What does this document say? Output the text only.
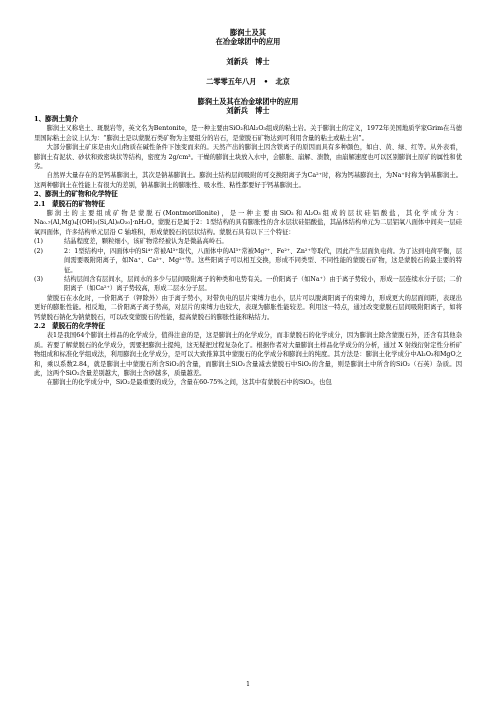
膨润土及其

在冶金球团中的应用

刘新兵　博士

二零零五年八月　•　北京

膨润土及其在冶金球团中的应用

刘新兵　博士

1、膨润土简介

膨润土又称皂土、斑脱岩等，英文名为Bentonite，是一种主要由SiO₂和Al₂O₃组成的粘土岩。关于膨润土的定义，1972年美国地质学家Grim在马德里国际粘土会议上认为：“膨润土是以蒙脱石类矿物为主要组分的岩石，是蒙脱石矿物达到可利用含量的粘土或粘土岩”。

大部分膨润土矿床是由火山物质在碱性条件下蚀变而来的。天然产出的膨润土因含铁离子的原因而具有多种颜色，如白、黄、绿、红等。从外表看，膨润土有泥状、砂状和致密块状等结构，密度为 2g/cm³。干燥的膨润土块放入水中，会膨胀、崩解、溃散，由崩解速度也可以区别膨润土原矿的属性和优劣。

自然界大量存在的是钙基膨润土，其次是钠基膨润土。膨润土结构层间吸附的可交换阳离子为Ca²⁺时，称为钙基膨润土，为Na⁺时称为钠基膨润土。这两种膨润土在性能上有很大的差别，钠基膨润土的膨胀性、吸水性、粘性都要好于钙基膨润土。

2、膨润土的矿物和化学特征

2.1　蒙脱石的矿物特征

膨润土的主要组成矿物是蒙脱石(Montmorillonite)，是一种主要由SiO₂和Al₂O₃组成的层状硅铝酸盐，其化学成分为：Na₀.₇(Al,Mg)₄[(OH)₂(Si,Al)₈O₂₀]·nH₂O。蒙脱石是属于2：1型结构的具有膨胀性的含水层状硅铝酸盐，其晶体结构单元为二层铝氧八面体中间夹一层硅氧四面体，许多结构单元层沿 C 轴堆积，形成蒙脱石的层状结构。蒙脱石具有以下三个特征：

(1)	结晶程度差，颗粒细小，该矿物常经被认为是微晶高岭石。
(2)	2：1型结构中，四面体中的Si⁴⁺常被Al³⁺取代，八面体中的Al³⁺常被Mg²⁺、Fe²⁺、Zn²⁺等取代，因此产生层面负电荷。为了达到电荷平衡，层间需要吸附阳离子，如Na⁺、Ca²⁺、Mg²⁺等。这些阳离子可以相互交换，形成不同类型、不同性能的蒙脱石矿物，这是蒙脱石的最主要的特征。
(3)	结构层间含有层间水，层间水的多少与层间吸附离子的种类和电势有关。一价阳离子（如Na⁺）由于离子势较小，形成一层连续水分子层；二价阳离子（如Ca²⁺）离子势较高，形成二层水分子层。

蒙脱石在水化时，一价阳离子（钾除外）由于离子势小，对带负电的层片束缚力也小，层片可以脱离阳离子的束缚力，形成更大的层面间距，表现出更好的膨胀性能。相反地，二价阳离子离子势高，对层片的束缚力也较大，表现为膨胀性能较差。利用这一特点，通过改变蒙脱石层间吸附阳离子，如将钙蒙脱石钠化为钠蒙脱石，可以改变蒙脱石的性能，提高蒙脱石的膨胀性能和粘结力。

2.2　蒙脱石的化学特征

表1是我国64个膨润土样品的化学成分，值得注意的是，这是膨润土的化学成分，而非蒙脱石的化学成分，因为膨润土除含蒙脱石外，还含有其他杂质。若要了解蒙脱石的化学成分，需要把膨润土提纯，这无疑把过程复杂化了。根据作者对大量膨润土样品化学成分的分析，通过 X 射线衍射定性分析矿物组成和标准化学组成法，利用膨润土化学成分，是可以大致推算其中蒙脱石的化学成分和膨润土的纯度。其方法是：膨润土化学成分中Al₂O₃和MgO之和，乘以系数2.84，就是膨润土中蒙脱石所含SiO₂的含量，而膨润土SiO₂含量减去蒙脱石中SiO₂的含量，则是膨润土中所含的SiO₂（石英）杂质。因此，这两个SiO₂含量差别越大，膨润土含砂越多，质量越差。

在膨润土的化学成分中，SiO₂是最重要的成分，含量在60-75%之间，这其中有蒙脱石中的SiO₂，也包

1
